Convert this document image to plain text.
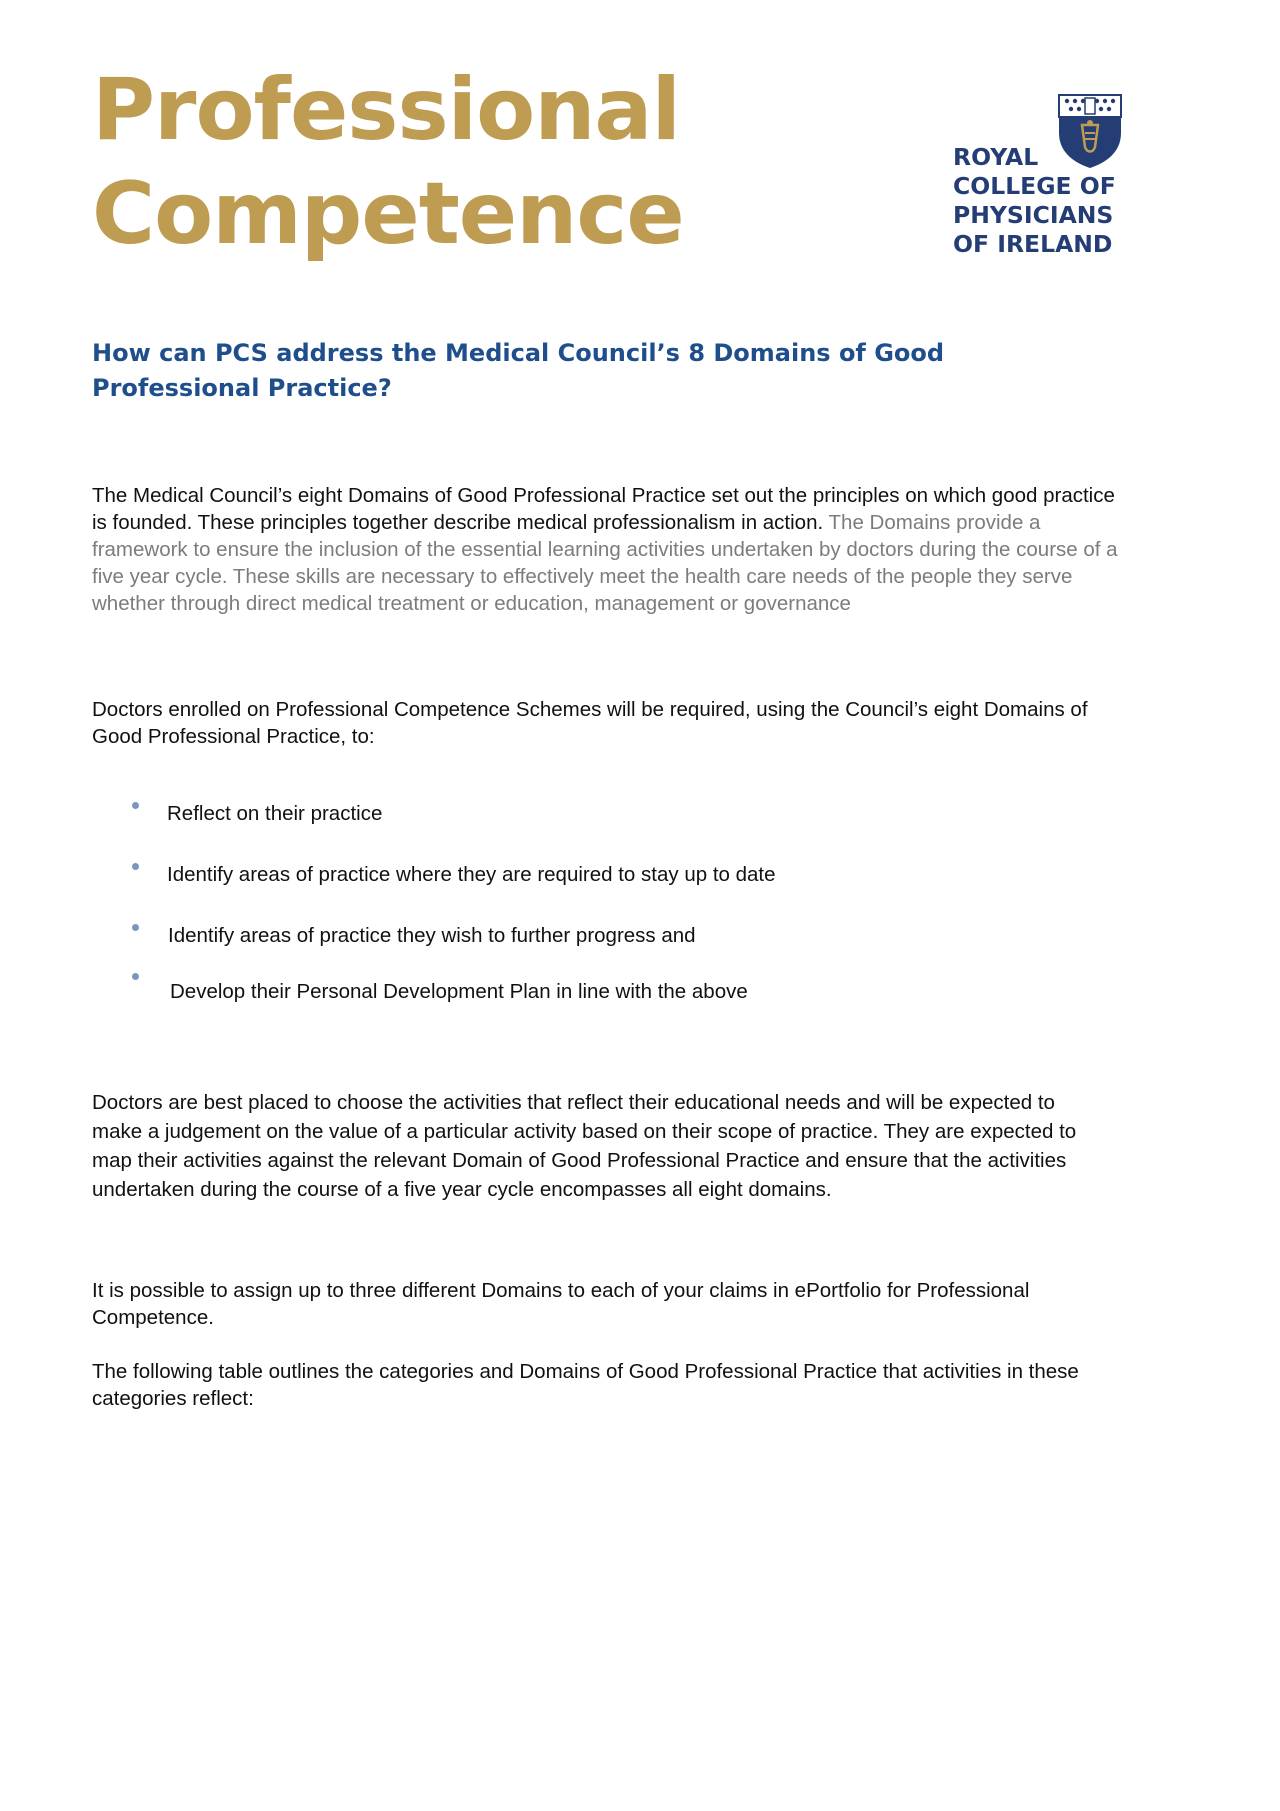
Professional
Competence
ROYAL
COLLEGE OF
PHYSICIANS
OF IRELAND
How can PCS address the Medical Council’s 8 Domains of Good Professional Practice?

The Medical Council’s eight Domains of Good Professional Practice set out the principles on which good practice is founded. These principles together describe medical professionalism in action. The Domains provide a framework to ensure the inclusion of the essential learning activities undertaken by doctors during the course of a five year cycle. These skills are necessary to effectively meet the health care needs of the people they serve whether through direct medical treatment or education, management or governance

Doctors enrolled on Professional Competence Schemes will be required, using the Council’s eight Domains of Good Professional Practice, to:

Reflect on their practice
Identify areas of practice where they are required to stay up to date
Identify areas of practice they wish to further progress and
Develop their Personal Development Plan in line with the above

Doctors are best placed to choose the activities that reflect their educational needs and will be expected to make a judgement on the value of a particular activity based on their scope of practice. They are expected to map their activities against the relevant Domain of Good Professional Practice and ensure that the activities undertaken during the course of a five year cycle encompasses all eight domains.

It is possible to assign up to three different Domains to each of your claims in ePortfolio for Professional Competence.

The following table outlines the categories and Domains of Good Professional Practice that activities in these categories reflect:
